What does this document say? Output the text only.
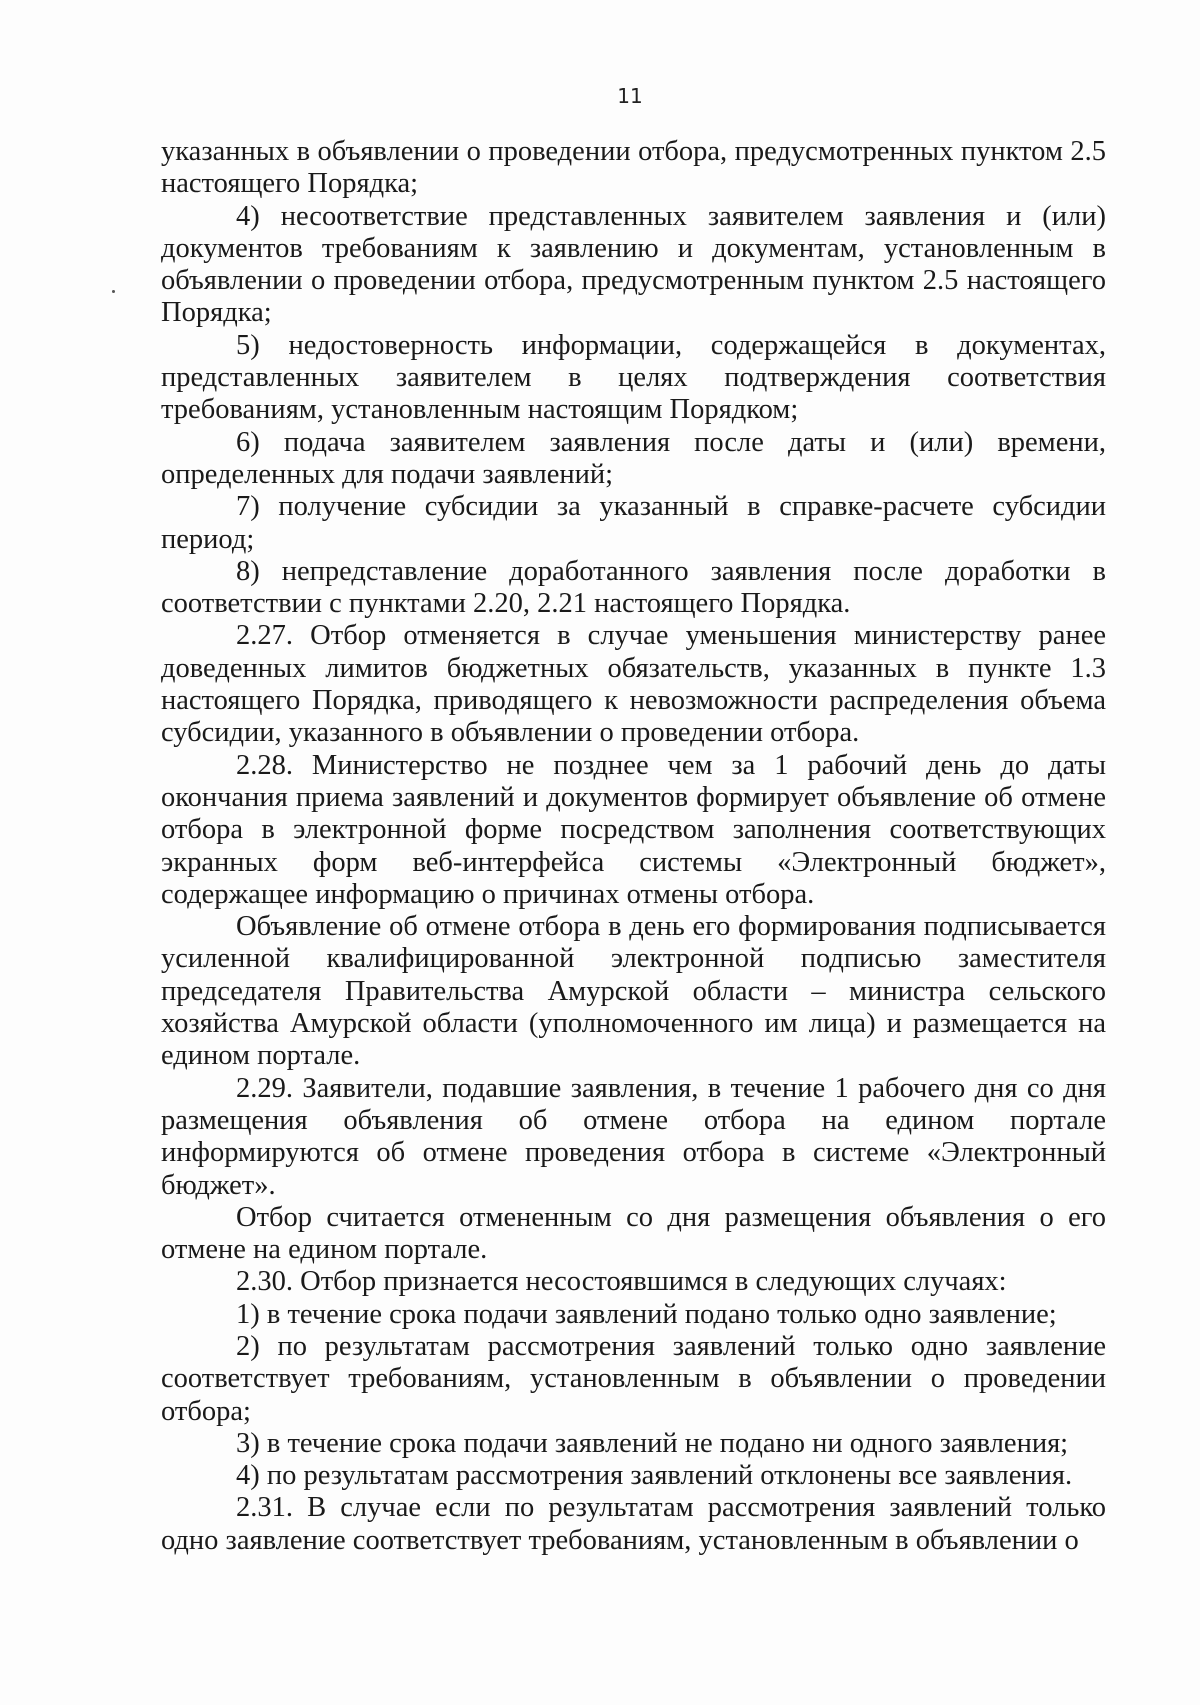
11

указанных в объявлении о проведении отбора, предусмотренных пунктом 2.5 настоящего Порядка;

4) несоответствие представленных заявителем заявления и (или) документов требованиям к заявлению и документам, установленным в объявлении о проведении отбора, предусмотренным пунктом 2.5 настоящего Порядка;

5) недостоверность информации, содержащейся в документах, представленных заявителем в целях подтверждения соответствия требованиям, установленным настоящим Порядком;

6) подача заявителем заявления после даты и (или) времени, определенных для подачи заявлений;

7) получение субсидии за указанный в справке-расчете субсидии период;

8) непредставление доработанного заявления после доработки в соответствии с пунктами 2.20, 2.21 настоящего Порядка.

2.27. Отбор отменяется в случае уменьшения министерству ранее доведенных лимитов бюджетных обязательств, указанных в пункте 1.3 настоящего Порядка, приводящего к невозможности распределения объема субсидии, указанного в объявлении о проведении отбора.

2.28. Министерство не позднее чем за 1 рабочий день до даты окончания приема заявлений и документов формирует объявление об отмене отбора в электронной форме посредством заполнения соответствующих экранных форм веб-интерфейса системы «Электронный бюджет», содержащее информацию о причинах отмены отбора.

Объявление об отмене отбора в день его формирования подписывается усиленной квалифицированной электронной подписью заместителя председателя Правительства Амурской области – министра сельского хозяйства Амурской области (уполномоченного им лица) и размещается на едином портале.

2.29. Заявители, подавшие заявления, в течение 1 рабочего дня со дня размещения объявления об отмене отбора на едином портале информируются об отмене проведения отбора в системе «Электронный бюджет».

Отбор считается отмененным со дня размещения объявления о его отмене на едином портале.

2.30. Отбор признается несостоявшимся в следующих случаях:

1) в течение срока подачи заявлений подано только одно заявление;

2) по результатам рассмотрения заявлений только одно заявление соответствует требованиям, установленным в объявлении о проведении отбора;

3) в течение срока подачи заявлений не подано ни одного заявления;

4) по результатам рассмотрения заявлений отклонены все заявления.

2.31. В случае если по результатам рассмотрения заявлений только одно заявление соответствует требованиям, установленным в объявлении о
